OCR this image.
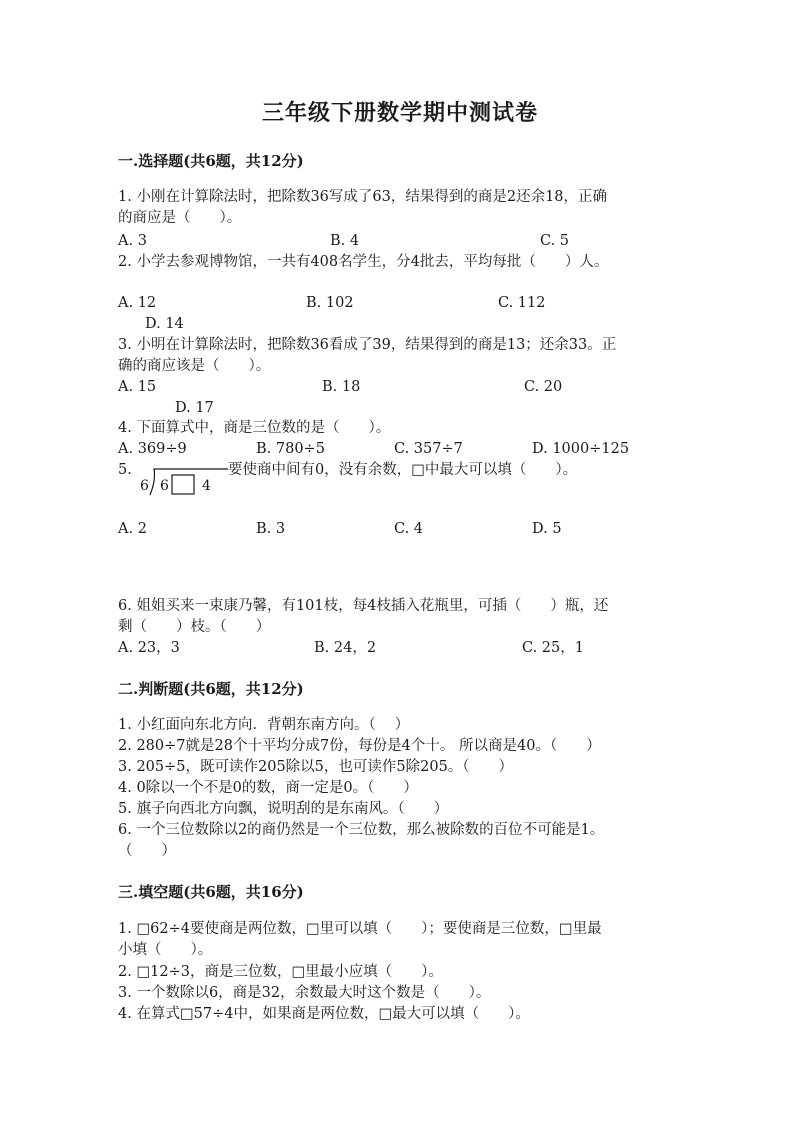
三年级下册数学期中测试卷
一.选择题(共6题，共12分)
1. 小刚在计算除法时，把除数36写成了63，结果得到的商是2还余18，正确
的商应是（　　）。
A. 3	B. 4	C. 5
2. 小学去参观博物馆，一共有408名学生，分4批去，平均每批（　　）人。
A. 12	B. 102	C. 112
D. 14
3. 小明在计算除法时，把除数36看成了39，结果得到的商是13；还余33。正
确的商应该是（　　）。
A. 15	B. 18	C. 20
D. 17
4. 下面算式中，商是三位数的是（　　）。
A. 369÷9	B. 780÷5	C. 357÷7	D. 1000÷125
5.
6 6 4
要使商中间有0，没有余数，□中最大可以填（　　）。
A. 2	B. 3	C. 4	D. 5
6. 姐姐买来一束康乃馨，有101枝，每4枝插入花瓶里，可插（　　）瓶，还
剩（　　）枝。（　　）
A. 23，3	B. 24，2	C. 25，1
二.判断题(共6题，共12分)
1. 小红面向东北方向．背朝东南方向。（　 ）
2. 280÷7就是28个十平均分成7份，每份是4个十。 所以商是40。（　　）
3. 205÷5，既可读作205除以5，也可读作5除205。（　　）
4. 0除以一个不是0的数，商一定是0。（　　）
5. 旗子向西北方向飘，说明刮的是东南风。（　　）
6. 一个三位数除以2的商仍然是一个三位数，那么被除数的百位不可能是1。
（　　）
三.填空题(共6题，共16分)
1. □62÷4要使商是两位数，□里可以填（　　）；要使商是三位数，□里最
小填（　　）。
2. □12÷3，商是三位数，□里最小应填（　　）。
3. 一个数除以6，商是32，余数最大时这个数是（　　）。
4. 在算式□57÷4中，如果商是两位数，□最大可以填（　　）。
